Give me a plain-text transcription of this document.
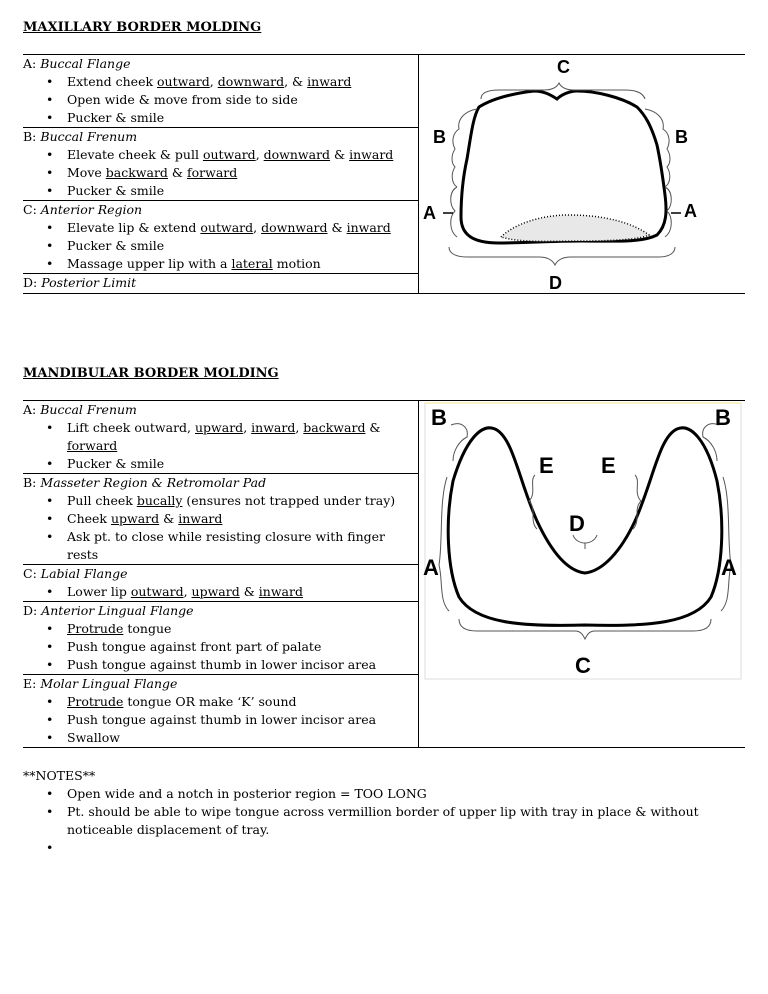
MAXILLARY BORDER MOLDING
A: Buccal Flange
• Extend cheek outward, downward, & inward
• Open wide & move from side to side
• Pucker & smile
B: Buccal Frenum
• Elevate cheek & pull outward, downward & inward
• Move backward & forward
• Pucker & smile
C: Anterior Region
• Elevate lip & extend outward, downward & inward
• Pucker & smile
• Massage upper lip with a lateral motion
D: Posterior Limit

C
B	B
A	A
D
MANDIBULAR BORDER MOLDING
A: Buccal Frenum
• Lift cheek outward, upward, inward, backward & forward
• Pucker & smile
B: Masseter Region & Retromolar Pad
• Pull cheek bucally (ensures not trapped under tray)
• Cheek upward & inward
• Ask pt. to close while resisting closure with finger rests
C: Labial Flange
• Lower lip outward, upward & inward
D: Anterior Lingual Flange
• Protrude tongue
• Push tongue against front part of palate
• Push tongue against thumb in lower incisor area
E: Molar Lingual Flange
• Protrude tongue OR make ‘K’ sound
• Push tongue against thumb in lower incisor area
• Swallow

B	B
E E
D
A	A
C
**NOTES**
• Open wide and a notch in posterior region = TOO LONG
• Pt. should be able to wipe tongue across vermillion border of upper lip with tray in place & without noticeable displacement of tray.
•
